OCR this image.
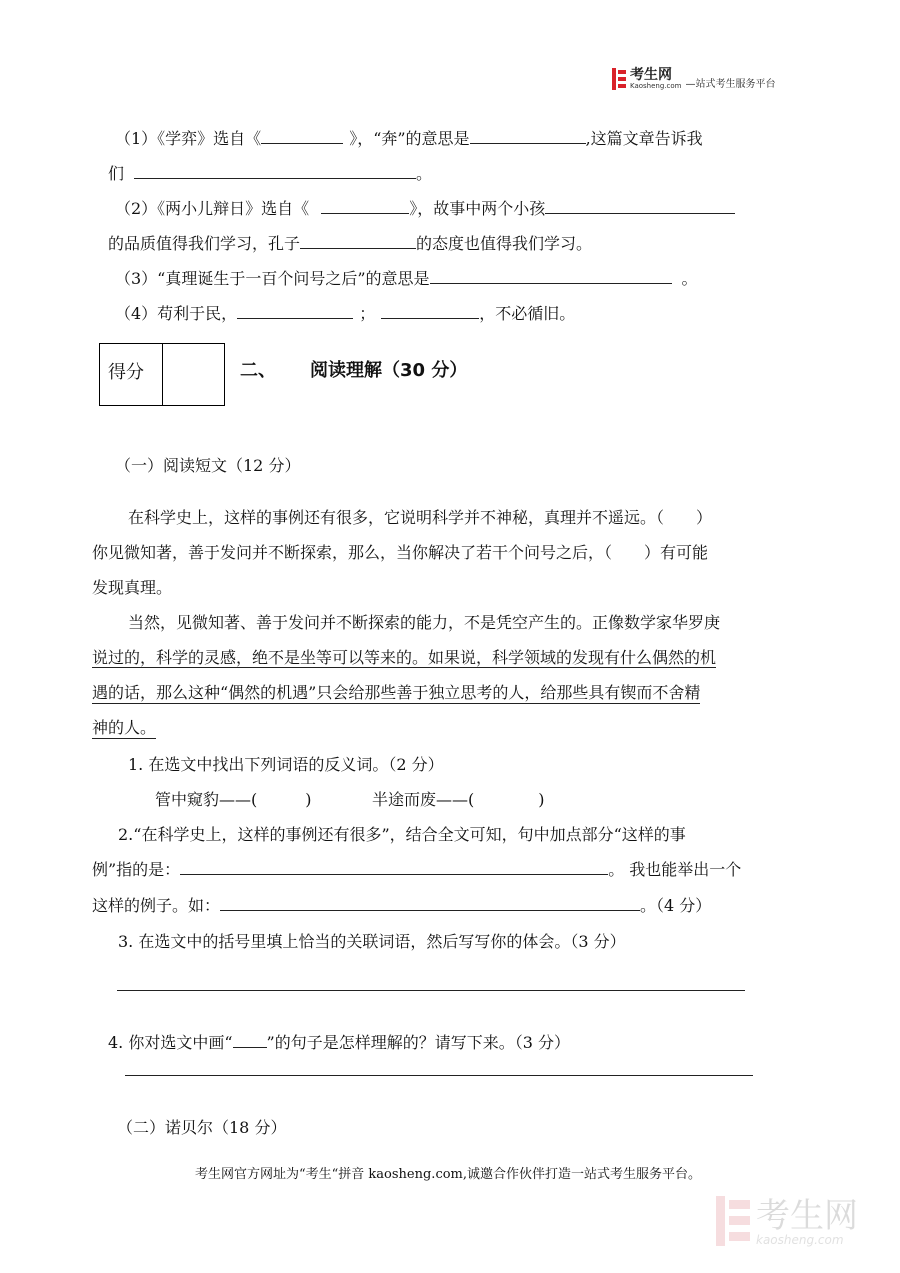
考生网
Kaosheng.com —站式考生服务平台
（1）《学弈》选自《	》，“奔”的意思是	,这篇文章告诉我
们	。
（2）《两小儿辩日》选自《	》，故事中两个小孩
的品质值得我们学习，孔子	的态度也值得我们学习。
（3）“真理诞生于一百个问号之后”的意思是	。
（4）苟利于民，	；	，不必循旧。
得分	二、 阅读理解（30 分）
（一）阅读短文（12 分）
在科学史上，这样的事例还有很多，它说明科学并不神秘，真理并不遥远。（　　）
你见微知著，善于发问并不断探索，那么，当你解决了若干个问号之后，（　　）有可能
发现真理。
当然，见微知著、善于发问并不断探索的能力，不是凭空产生的。正像数学家华罗庚
说过的，科学的灵感，绝不是坐等可以等来的。如果说，科学领域的发现有什么偶然的机
遇的话，那么这种“偶然的机遇”只会给那些善于独立思考的人，给那些具有锲而不舍精
神的人。
1. 在选文中找出下列词语的反义词。（2 分）
管中窥豹——(　　　)	半途而废——(　　　　)
2.“在科学史上，这样的事例还有很多”，结合全文可知，句中加点部分“这样的事
例”指的是：	。 我也能举出一个
这样的例子。如：	。（4 分）
3. 在选文中的括号里填上恰当的关联词语，然后写写你的体会。（3 分）
4. 你对选文中画“ ”的句子是怎样理解的？请写下来。（3 分）
（二）诺贝尔（18 分）
考生网官方网址为“考生“拼音 kaosheng.com,诚邀合作伙伴打造一站式考生服务平台。
考生网
kaosheng.com
